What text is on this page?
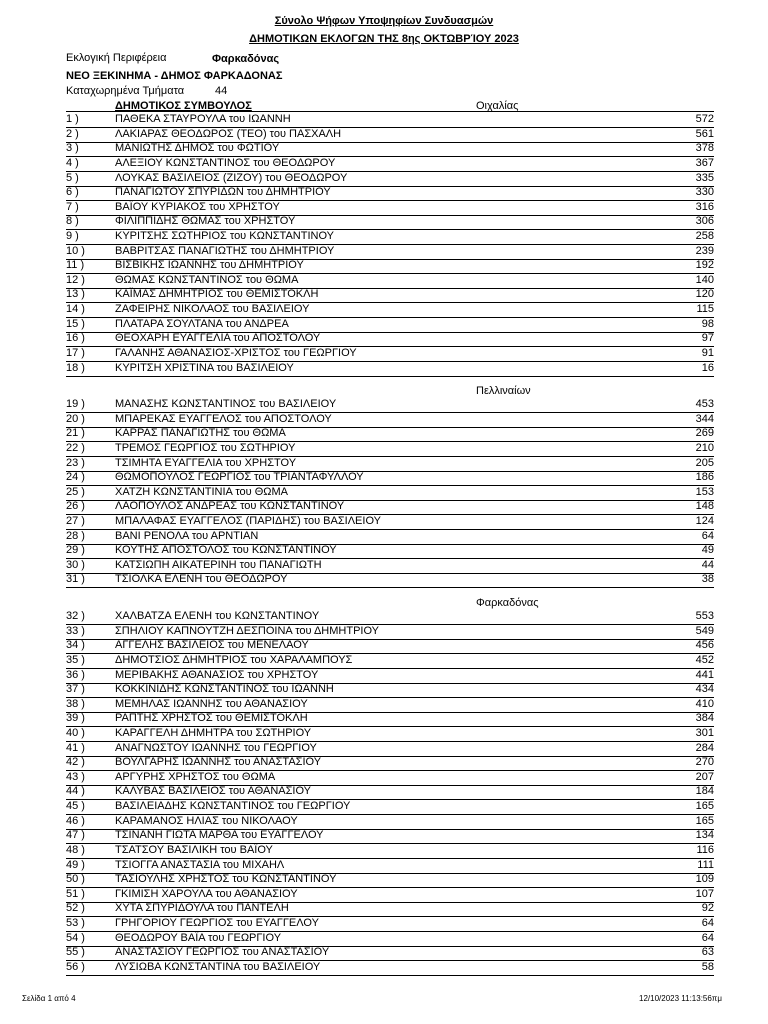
Σύνολο Ψήφων Υποψηφίων Συνδυασμών
ΔΗΜΟΤΙΚΩΝ ΕΚΛΟΓΩΝ ΤΗΣ 8ης ΟΚΤΩΒΡΊΟΥ 2023
Εκλογική Περιφέρεια	Φαρκαδόνας
ΝΕΟ ΞΕΚΙΝΗΜΑ - ΔΗΜΟΣ ΦΑΡΚΑΔΟΝΑΣ
Καταχωρημένα Τμήματα	44
ΔΗΜΟΤΙΚΟΣ ΣΥΜΒΟΥΛΟΣ	Οιχαλίας
1 )	ΠΑΘΕΚΑ ΣΤΑΥΡΟΥΛΑ του ΙΩΑΝΝΗ	572
2 )	ΛΑΚΙΑΡΑΣ ΘΕΟΔΩΡΟΣ (ΤΕΟ) του ΠΑΣΧΑΛΗ	561
3 )	ΜΑΝΙΩΤΗΣ ΔΗΜΟΣ του ΦΩΤΙΟΥ	378
4 )	ΑΛΕΞΙΟΥ ΚΩΝΣΤΑΝΤΙΝΟΣ του ΘΕΟΔΩΡΟΥ	367
5 )	ΛΟΥΚΑΣ ΒΑΣΙΛΕΙΟΣ (ΖΙΖΟΥ) του ΘΕΟΔΩΡΟΥ	335
6 )	ΠΑΝΑΓΙΩΤΟΥ ΣΠΥΡΙΔΩΝ του ΔΗΜΗΤΡΙΟΥ	330
7 )	ΒΑΪΟΥ ΚΥΡΙΑΚΟΣ του ΧΡΗΣΤΟΥ	316
8 )	ΦΙΛΙΠΠΙΔΗΣ ΘΩΜΑΣ του ΧΡΗΣΤΟΥ	306
9 )	ΚΥΡΙΤΣΗΣ ΣΩΤΗΡΙΟΣ του ΚΩΝΣΤΑΝΤΙΝΟΥ	258
10 )	ΒΑΒΡΙΤΣΑΣ ΠΑΝΑΓΙΩΤΗΣ του ΔΗΜΗΤΡΙΟΥ	239
11 )	ΒΙΣΒΙΚΗΣ ΙΩΑΝΝΗΣ του ΔΗΜΗΤΡΙΟΥ	192
12 )	ΘΩΜΑΣ ΚΩΝΣΤΑΝΤΙΝΟΣ του ΘΩΜΑ	140
13 )	ΚΑΪΜΑΣ ΔΗΜΗΤΡΙΟΣ του ΘΕΜΙΣΤΟΚΛΗ	120
14 )	ΖΑΦΕΙΡΗΣ ΝΙΚΟΛΑΟΣ του ΒΑΣΙΛΕΙΟΥ	115
15 )	ΠΛΑΤΑΡΑ ΣΟΥΛΤΑΝΑ του ΑΝΔΡΕΑ	98
16 )	ΘΕΟΧΑΡΗ ΕΥΑΓΓΕΛΙΑ του ΑΠΟΣΤΟΛΟΥ	97
17 )	ΓΑΛΑΝΗΣ ΑΘΑΝΑΣΙΟΣ-ΧΡΙΣΤΟΣ του ΓΕΩΡΓΙΟΥ	91
18 )	ΚΥΡΙΤΣΗ ΧΡΙΣΤΙΝΑ του ΒΑΣΙΛΕΙΟΥ	16
Πελλιναίων
19 )	ΜΑΝΑΣΗΣ ΚΩΝΣΤΑΝΤΙΝΟΣ του ΒΑΣΙΛΕΙΟΥ	453
20 )	ΜΠΑΡΕΚΑΣ ΕΥΑΓΓΕΛΟΣ του ΑΠΟΣΤΟΛΟΥ	344
21 )	ΚΑΡΡΑΣ ΠΑΝΑΓΙΩΤΗΣ του ΘΩΜΑ	269
22 )	ΤΡΕΜΟΣ ΓΕΩΡΓΙΟΣ του ΣΩΤΗΡΙΟΥ	210
23 )	ΤΣΙΜΗΤΑ ΕΥΑΓΓΕΛΙΑ του ΧΡΗΣΤΟΥ	205
24 )	ΘΩΜΟΠΟΥΛΟΣ ΓΕΩΡΓΙΟΣ του ΤΡΙΑΝΤΑΦΥΛΛΟΥ	186
25 )	ΧΑΤΖΗ ΚΩΝΣΤΑΝΤΙΝΙΑ του ΘΩΜΑ	153
26 )	ΛΑΟΠΟΥΛΟΣ ΑΝΔΡΕΑΣ του ΚΩΝΣΤΑΝΤΙΝΟΥ	148
27 )	ΜΠΑΛΑΦΑΣ ΕΥΑΓΓΕΛΟΣ (ΠΑΡΙΔΗΣ) του ΒΑΣΙΛΕΙΟΥ	124
28 )	ΒΑΝΙ ΡΕΝΟΛΑ του ΑΡΝΤΙΑΝ	64
29 )	ΚΟΥΤΗΣ ΑΠΟΣΤΟΛΟΣ του ΚΩΝΣΤΑΝΤΙΝΟΥ	49
30 )	ΚΑΤΣΙΩΠΗ ΑΙΚΑΤΕΡΙΝΗ του ΠΑΝΑΓΙΩΤΗ	44
31 )	ΤΣΙΟΛΚΑ ΕΛΕΝΗ του ΘΕΟΔΩΡΟΥ	38
Φαρκαδόνας
32 )	ΧΑΛΒΑΤΖΑ ΕΛΕΝΗ του ΚΩΝΣΤΑΝΤΙΝΟΥ	553
33 )	ΣΠΗΛΙΟΥ ΚΑΠΝΟΥΤΖΗ ΔΕΣΠΟΙΝΑ του ΔΗΜΗΤΡΙΟΥ	549
34 )	ΑΓΓΕΛΗΣ ΒΑΣΙΛΕΙΟΣ του ΜΕΝΕΛΑΟΥ	456
35 )	ΔΗΜΟΤΣΙΟΣ ΔΗΜΗΤΡΙΟΣ του ΧΑΡΑΛΑΜΠΟΥΣ	452
36 )	ΜΕΡΙΒΑΚΗΣ ΑΘΑΝΑΣΙΟΣ του ΧΡΗΣΤΟΥ	441
37 )	ΚΟΚΚΙΝΙΔΗΣ ΚΩΝΣΤΑΝΤΙΝΟΣ του ΙΩΑΝΝΗ	434
38 )	ΜΕΜΗΛΑΣ ΙΩΑΝΝΗΣ του ΑΘΑΝΑΣΙΟΥ	410
39 )	ΡΑΠΤΗΣ ΧΡΗΣΤΟΣ του ΘΕΜΙΣΤΟΚΛΗ	384
40 )	ΚΑΡΑΓΓΕΛΗ ΔΗΜΗΤΡΑ του ΣΩΤΗΡΙΟΥ	301
41 )	ΑΝΑΓΝΩΣΤΟΥ ΙΩΑΝΝΗΣ του ΓΕΩΡΓΙΟΥ	284
42 )	ΒΟΥΛΓΑΡΗΣ ΙΩΑΝΝΗΣ του ΑΝΑΣΤΑΣΙΟΥ	270
43 )	ΑΡΓΥΡΗΣ ΧΡΗΣΤΟΣ του ΘΩΜΑ	207
44 )	ΚΑΛΥΒΑΣ ΒΑΣΙΛΕΙΟΣ του ΑΘΑΝΑΣΙΟΥ	184
45 )	ΒΑΣΙΛΕΙΑΔΗΣ ΚΩΝΣΤΑΝΤΙΝΟΣ του ΓΕΩΡΓΙΟΥ	165
46 )	ΚΑΡΑΜΑΝΟΣ ΗΛΙΑΣ του ΝΙΚΟΛΑΟΥ	165
47 )	ΤΣΙΝΑΝΗ ΓΙΩΤΑ ΜΑΡΘΑ του ΕΥΑΓΓΕΛΟΥ	134
48 )	ΤΣΑΤΣΟΥ ΒΑΣΙΛΙΚΗ του ΒΑΪΟΥ	116
49 )	ΤΣΙΟΓΓΑ ΑΝΑΣΤΑΣΙΑ του ΜΙΧΑΗΛ	111
50 )	ΤΑΣΙΟΥΛΗΣ ΧΡΗΣΤΟΣ του ΚΩΝΣΤΑΝΤΙΝΟΥ	109
51 )	ΓΚΙΜΙΣΗ ΧΑΡΟΥΛΑ του ΑΘΑΝΑΣΙΟΥ	107
52 )	ΧΥΤΑ ΣΠΥΡΙΔΟΥΛΑ του ΠΑΝΤΕΛΗ	92
53 )	ΓΡΗΓΟΡΙΟΥ ΓΕΩΡΓΙΟΣ του ΕΥΑΓΓΕΛΟΥ	64
54 )	ΘΕΟΔΩΡΟΥ ΒΑΪΑ του ΓΕΩΡΓΙΟΥ	64
55 )	ΑΝΑΣΤΑΣΙΟΥ ΓΕΩΡΓΙΟΣ του ΑΝΑΣΤΑΣΙΟΥ	63
56 )	ΛΥΣΙΩΒΑ ΚΩΝΣΤΑΝΤΙΝΑ του ΒΑΣΙΛΕΙΟΥ	58
Σελίδα 1 από 4	12/10/2023 11:13:56πμ
